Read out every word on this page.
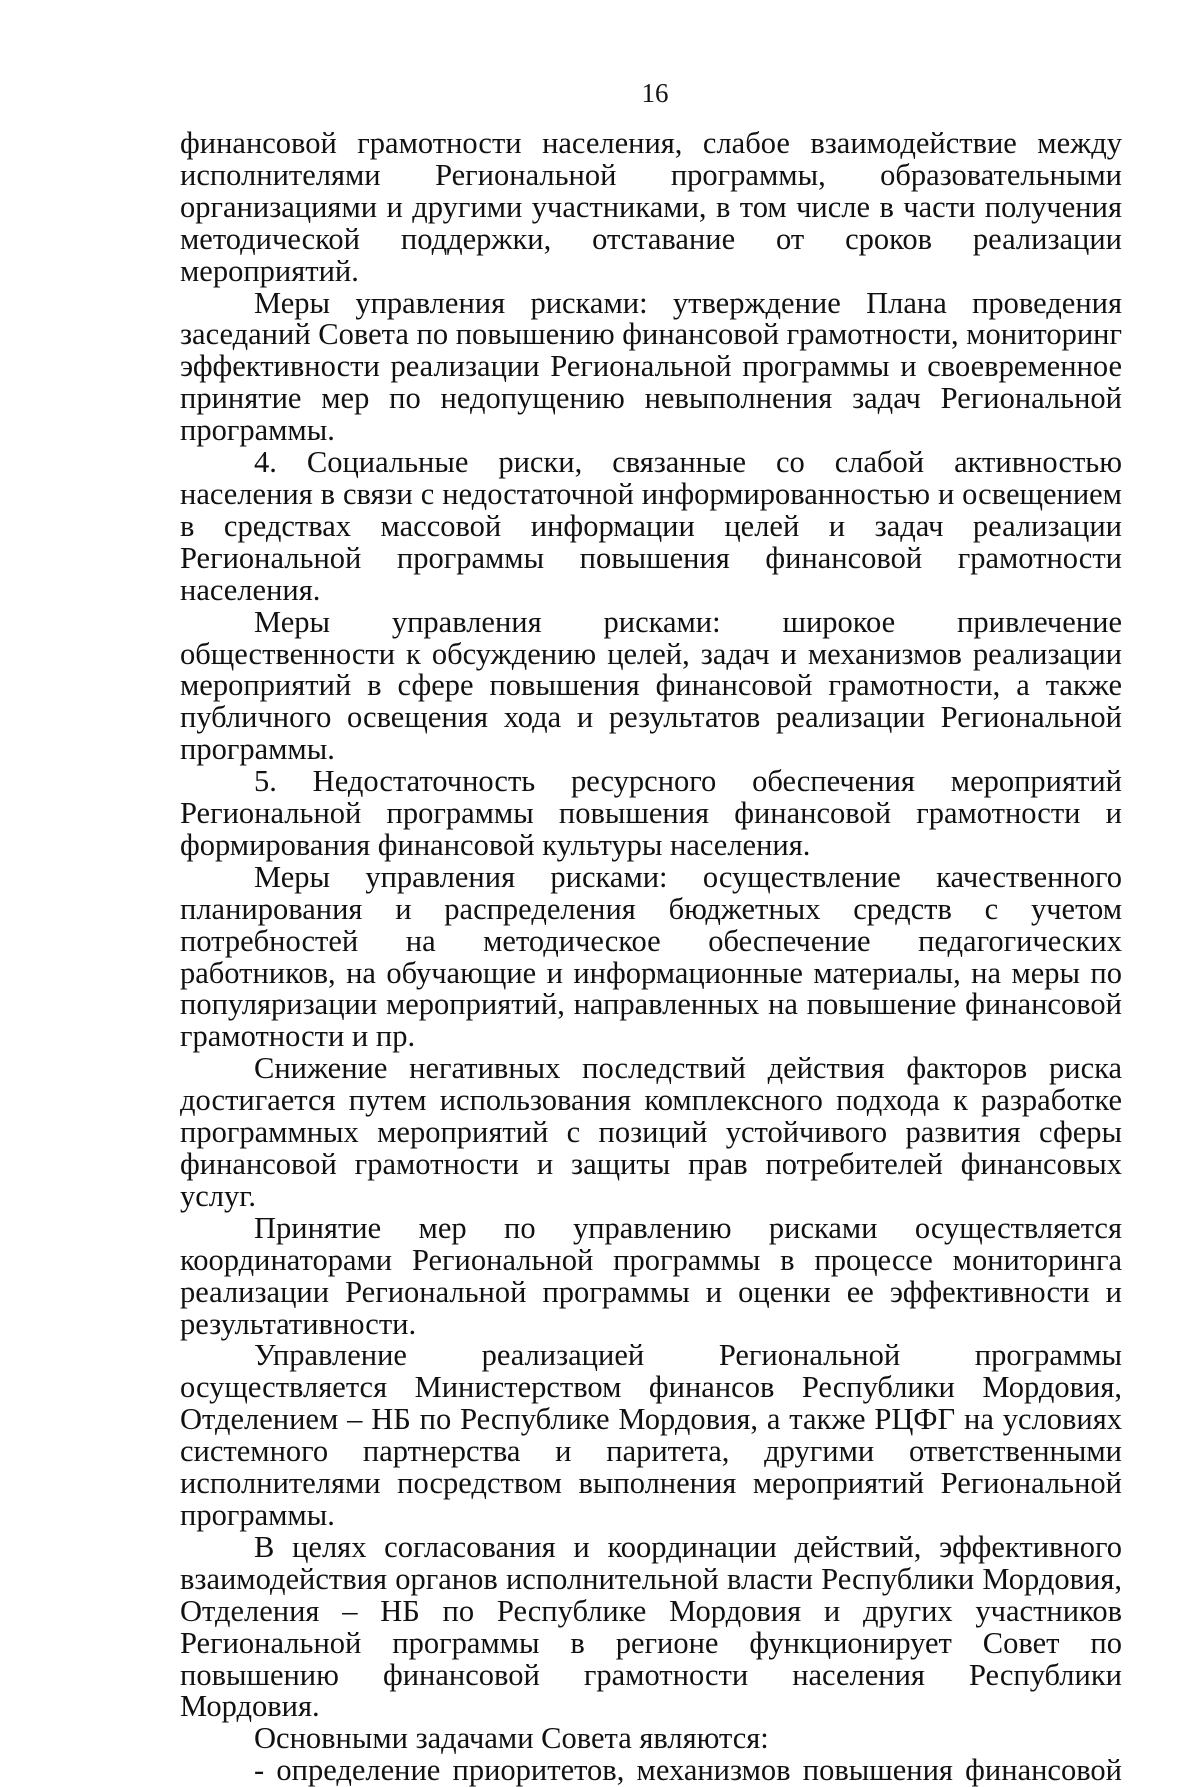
16

финансовой грамотности населения, слабое взаимодействие между исполнителями Региональной программы, образовательными организациями и другими участниками, в том числе в части получения методической поддержки, отставание от сроков реализации мероприятий.

Меры управления рисками: утверждение Плана проведения заседаний Совета по повышению финансовой грамотности, мониторинг эффективности реализации Региональной программы и своевременное принятие мер по недопущению невыполнения задач Региональной программы.

4. Социальные риски, связанные со слабой активностью населения в связи с недостаточной информированностью и освещением в средствах массовой информации целей и задач реализации Региональной программы повышения финансовой грамотности населения.

Меры управления рисками: широкое привлечение общественности к обсуждению целей, задач и механизмов реализации мероприятий в сфере повышения финансовой грамотности, а также публичного освещения хода и результатов реализации Региональной программы.

5. Недостаточность ресурсного обеспечения мероприятий Региональной программы повышения финансовой грамотности и формирования финансовой культуры населения.

Меры управления рисками: осуществление качественного планирования и распределения бюджетных средств с учетом потребностей на методическое обеспечение педагогических работников, на обучающие и информационные материалы, на меры по популяризации мероприятий, направленных на повышение финансовой грамотности и пр.

Снижение негативных последствий действия факторов риска достигается путем использования комплексного подхода к разработке программных мероприятий с позиций устойчивого развития сферы финансовой грамотности и защиты прав потребителей финансовых услуг.

Принятие мер по управлению рисками осуществляется координаторами Региональной программы в процессе мониторинга реализации Региональной программы и оценки ее эффективности и результативности.

Управление реализацией Региональной программы осуществляется Министерством финансов Республики Мордовия, Отделением – НБ по Республике Мордовия, а также РЦФГ на условиях системного партнерства и паритета, другими ответственными исполнителями посредством выполнения мероприятий Региональной программы.

В целях согласования и координации действий, эффективного взаимодействия органов исполнительной власти Республики Мордовия, Отделения – НБ по Республике Мордовия и других участников Региональной программы в регионе функционирует Совет по повышению финансовой грамотности населения Республики Мордовия.

Основными задачами Совета являются:

- определение приоритетов, механизмов повышения финансовой
